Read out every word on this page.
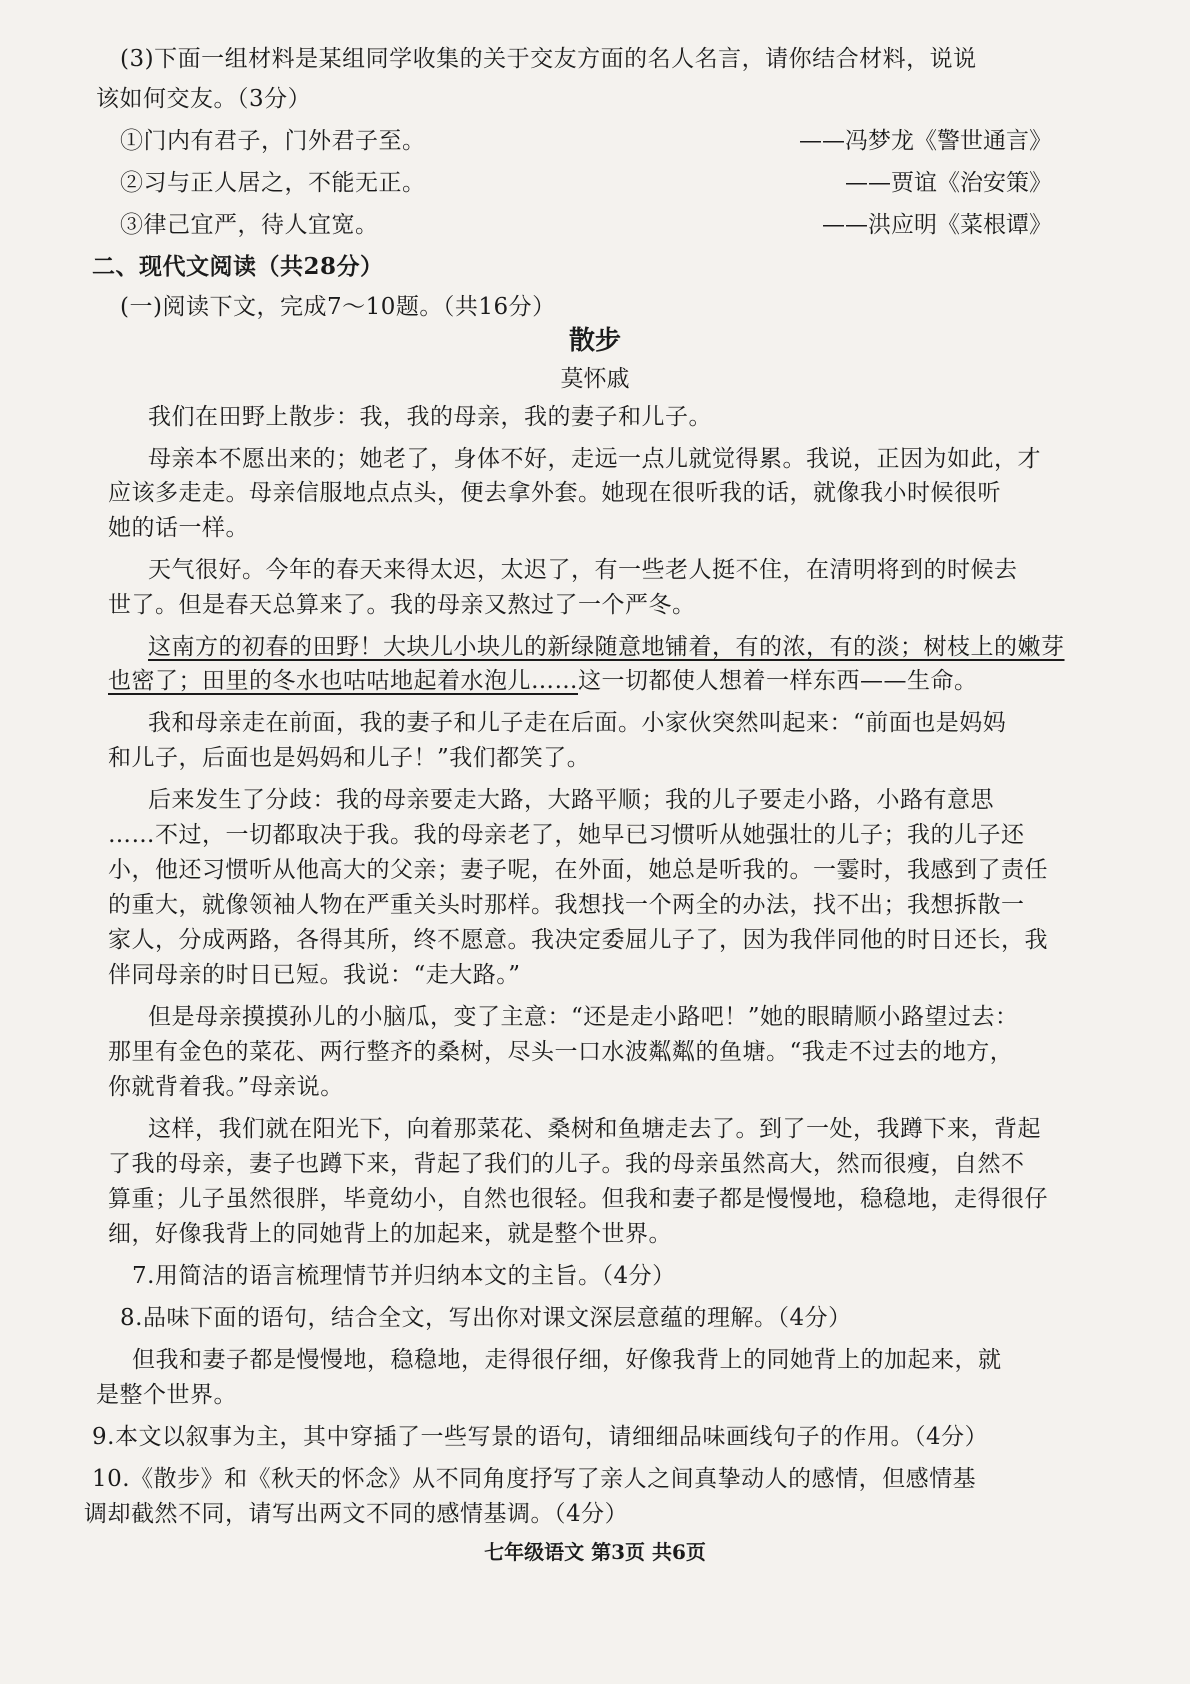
(3)下面一组材料是某组同学收集的关于交友方面的名人名言，请你结合材料，说说
该如何交友。（3分）
①门内有君子，门外君子至。	——冯梦龙《警世通言》
②习与正人居之，不能无正。	——贾谊《治安策》
③律己宜严，待人宜宽。	——洪应明《菜根谭》
二、现代文阅读（共28分）
(一)阅读下文，完成7～10题。（共16分）
散步
莫怀戚
我们在田野上散步：我，我的母亲，我的妻子和儿子。
母亲本不愿出来的；她老了，身体不好，走远一点儿就觉得累。我说，正因为如此，才
应该多走走。母亲信服地点点头，便去拿外套。她现在很听我的话，就像我小时候很听
她的话一样。
天气很好。今年的春天来得太迟，太迟了，有一些老人挺不住，在清明将到的时候去
世了。但是春天总算来了。我的母亲又熬过了一个严冬。
这南方的初春的田野！大块儿小块儿的新绿随意地铺着，有的浓，有的淡；树枝上的嫩芽
也密了；田里的冬水也咕咕地起着水泡儿……这一切都使人想着一样东西——生命。
我和母亲走在前面，我的妻子和儿子走在后面。小家伙突然叫起来：“前面也是妈妈
和儿子，后面也是妈妈和儿子！”我们都笑了。
后来发生了分歧：我的母亲要走大路，大路平顺；我的儿子要走小路，小路有意思
……不过，一切都取决于我。我的母亲老了，她早已习惯听从她强壮的儿子；我的儿子还
小，他还习惯听从他高大的父亲；妻子呢，在外面，她总是听我的。一霎时，我感到了责任
的重大，就像领袖人物在严重关头时那样。我想找一个两全的办法，找不出；我想拆散一
家人，分成两路，各得其所，终不愿意。我决定委屈儿子了，因为我伴同他的时日还长，我
伴同母亲的时日已短。我说：“走大路。”
但是母亲摸摸孙儿的小脑瓜，变了主意：“还是走小路吧！”她的眼睛顺小路望过去：
那里有金色的菜花、两行整齐的桑树，尽头一口水波粼粼的鱼塘。“我走不过去的地方，
你就背着我。”母亲说。
这样，我们就在阳光下，向着那菜花、桑树和鱼塘走去了。到了一处，我蹲下来，背起
了我的母亲，妻子也蹲下来，背起了我们的儿子。我的母亲虽然高大，然而很瘦，自然不
算重；儿子虽然很胖，毕竟幼小，自然也很轻。但我和妻子都是慢慢地，稳稳地，走得很仔
细，好像我背上的同她背上的加起来，就是整个世界。
7.用简洁的语言梳理情节并归纳本文的主旨。（4分）
8.品味下面的语句，结合全文，写出你对课文深层意蕴的理解。（4分）
但我和妻子都是慢慢地，稳稳地，走得很仔细，好像我背上的同她背上的加起来，就
是整个世界。
9.本文以叙事为主，其中穿插了一些写景的语句，请细细品味画线句子的作用。（4分）
10.《散步》和《秋天的怀念》从不同角度抒写了亲人之间真挚动人的感情，但感情基
调却截然不同，请写出两文不同的感情基调。（4分）
七年级语文 第3页 共6页
